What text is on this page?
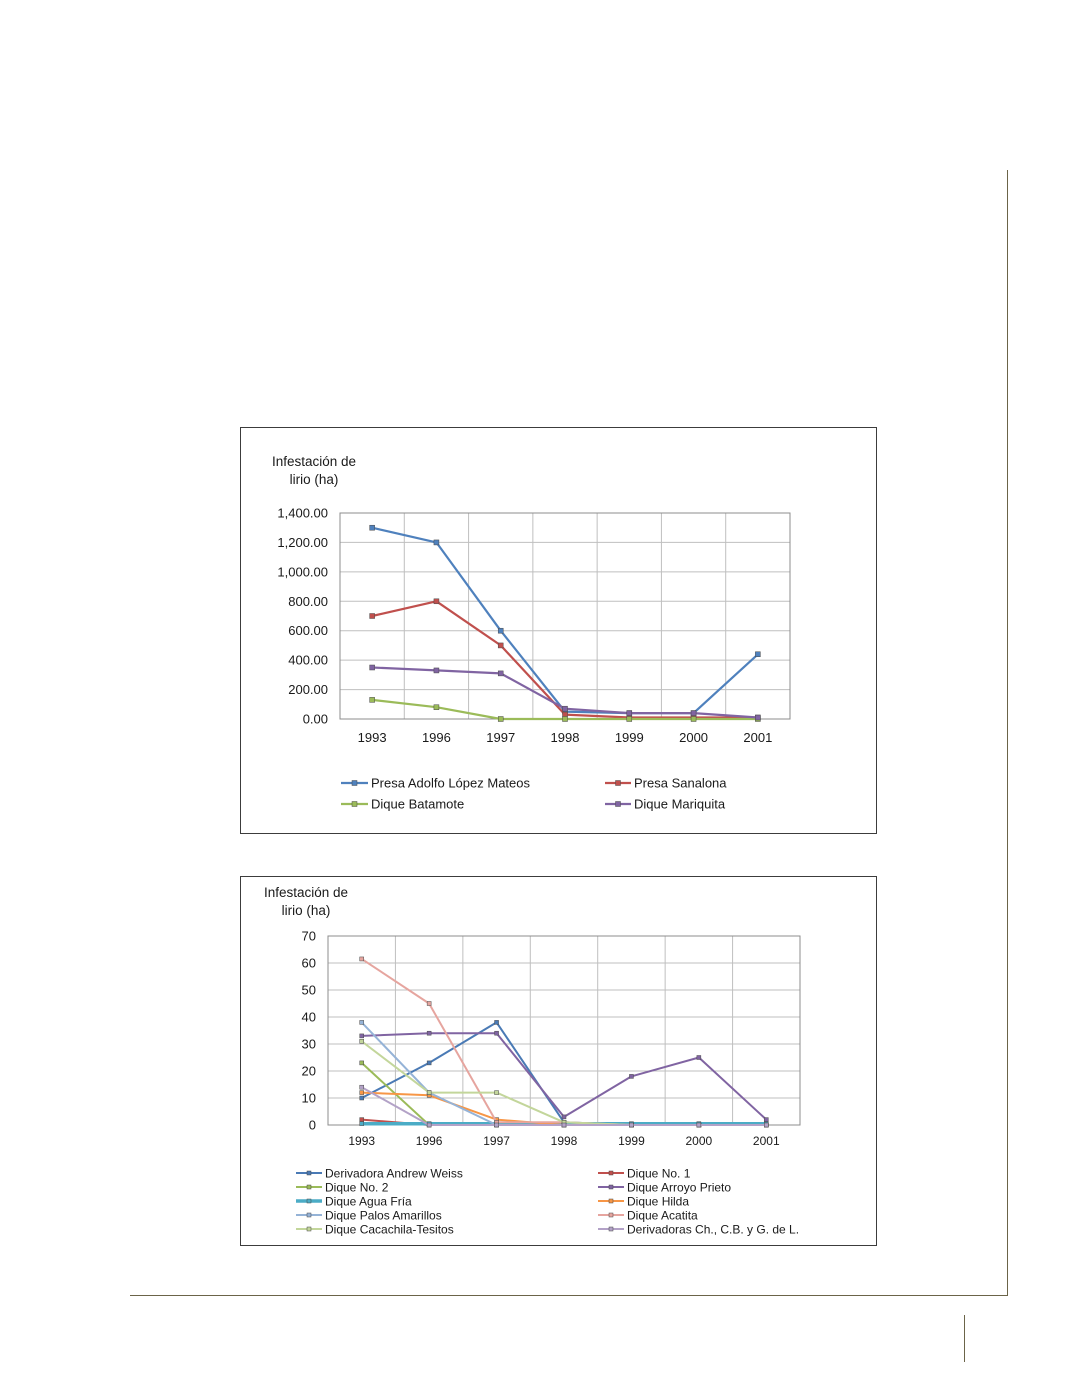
Infestación de
lirio (ha)
0.00
200.00
400.00
600.00
800.00
1,000.00
1,200.00
1,400.00
1993	1996	1997	1998	1999	2000	2001
Presa Adolfo López Mateos	Presa Sanalona
Dique Batamote	Dique Mariquita
Infestación de
lirio (ha)
0
10
20
30
40
50
60
70
1993	1996	1997	1998	1999	2000	2001
Derivadora Andrew Weiss	Dique No. 1
Dique No. 2	Dique Arroyo Prieto
Dique Agua Fría	Dique Hilda
Dique Palos Amarillos	Dique Acatita
Dique Cacachila-Tesitos	Derivadoras Ch., C.B. y G. de L.
